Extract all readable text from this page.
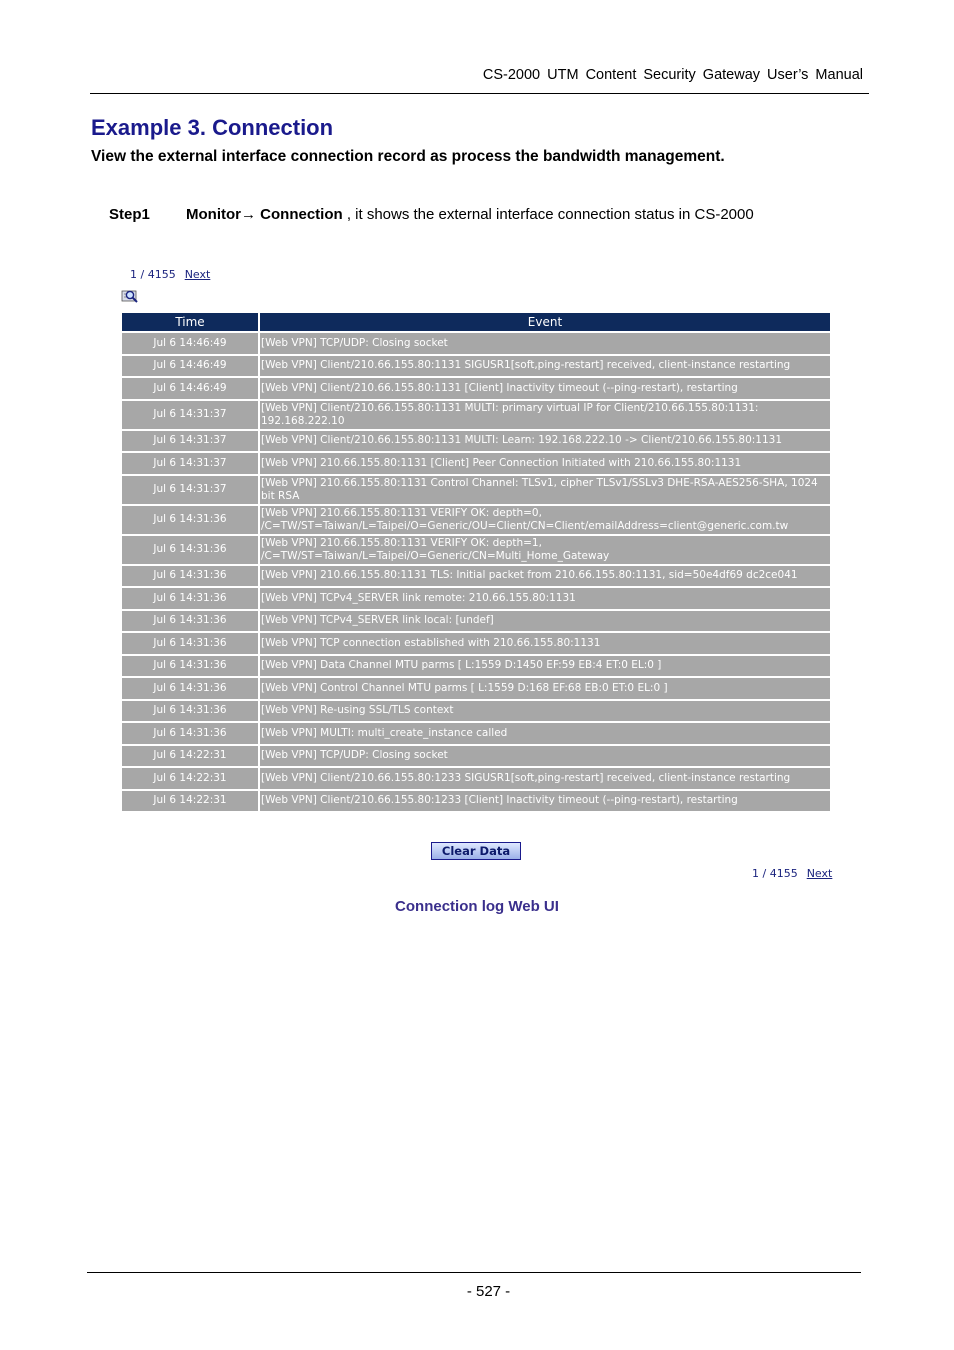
CS-2000 UTM Content Security Gateway User’s Manual
Example 3. Connection
View the external interface connection record as process the bandwidth management.
Step1 Monitor→ Connection , it shows the external interface connection status in CS-2000
1 / 4155 Next
Time	Event
Jul 6 14:46:49	[Web VPN] TCP/UDP: Closing socket
Jul 6 14:46:49	[Web VPN] Client/210.66.155.80:1131 SIGUSR1[soft,ping-restart] received, client-instance restarting
Jul 6 14:46:49	[Web VPN] Client/210.66.155.80:1131 [Client] Inactivity timeout (--ping-restart), restarting
Jul 6 14:31:37	[Web VPN] Client/210.66.155.80:1131 MULTI: primary virtual IP for Client/210.66.155.80:1131: 192.168.222.10
Jul 6 14:31:37	[Web VPN] Client/210.66.155.80:1131 MULTI: Learn: 192.168.222.10 -> Client/210.66.155.80:1131
Jul 6 14:31:37	[Web VPN] 210.66.155.80:1131 [Client] Peer Connection Initiated with 210.66.155.80:1131
Jul 6 14:31:37	[Web VPN] 210.66.155.80:1131 Control Channel: TLSv1, cipher TLSv1/SSLv3 DHE-RSA-AES256-SHA, 1024 bit RSA
Jul 6 14:31:36	[Web VPN] 210.66.155.80:1131 VERIFY OK: depth=0, /C=TW/ST=Taiwan/L=Taipei/O=Generic/OU=Client/CN=Client/emailAddress=client@generic.com.tw
Jul 6 14:31:36	[Web VPN] 210.66.155.80:1131 VERIFY OK: depth=1, /C=TW/ST=Taiwan/L=Taipei/O=Generic/CN=Multi_Home_Gateway
Jul 6 14:31:36	[Web VPN] 210.66.155.80:1131 TLS: Initial packet from 210.66.155.80:1131, sid=50e4df69 dc2ce041
Jul 6 14:31:36	[Web VPN] TCPv4_SERVER link remote: 210.66.155.80:1131
Jul 6 14:31:36	[Web VPN] TCPv4_SERVER link local: [undef]
Jul 6 14:31:36	[Web VPN] TCP connection established with 210.66.155.80:1131
Jul 6 14:31:36	[Web VPN] Data Channel MTU parms [ L:1559 D:1450 EF:59 EB:4 ET:0 EL:0 ]
Jul 6 14:31:36	[Web VPN] Control Channel MTU parms [ L:1559 D:168 EF:68 EB:0 ET:0 EL:0 ]
Jul 6 14:31:36	[Web VPN] Re-using SSL/TLS context
Jul 6 14:31:36	[Web VPN] MULTI: multi_create_instance called
Jul 6 14:22:31	[Web VPN] TCP/UDP: Closing socket
Jul 6 14:22:31	[Web VPN] Client/210.66.155.80:1233 SIGUSR1[soft,ping-restart] received, client-instance restarting
Jul 6 14:22:31	[Web VPN] Client/210.66.155.80:1233 [Client] Inactivity timeout (--ping-restart), restarting
Clear Data
1 / 4155 Next
Connection log Web UI
- 527 -
